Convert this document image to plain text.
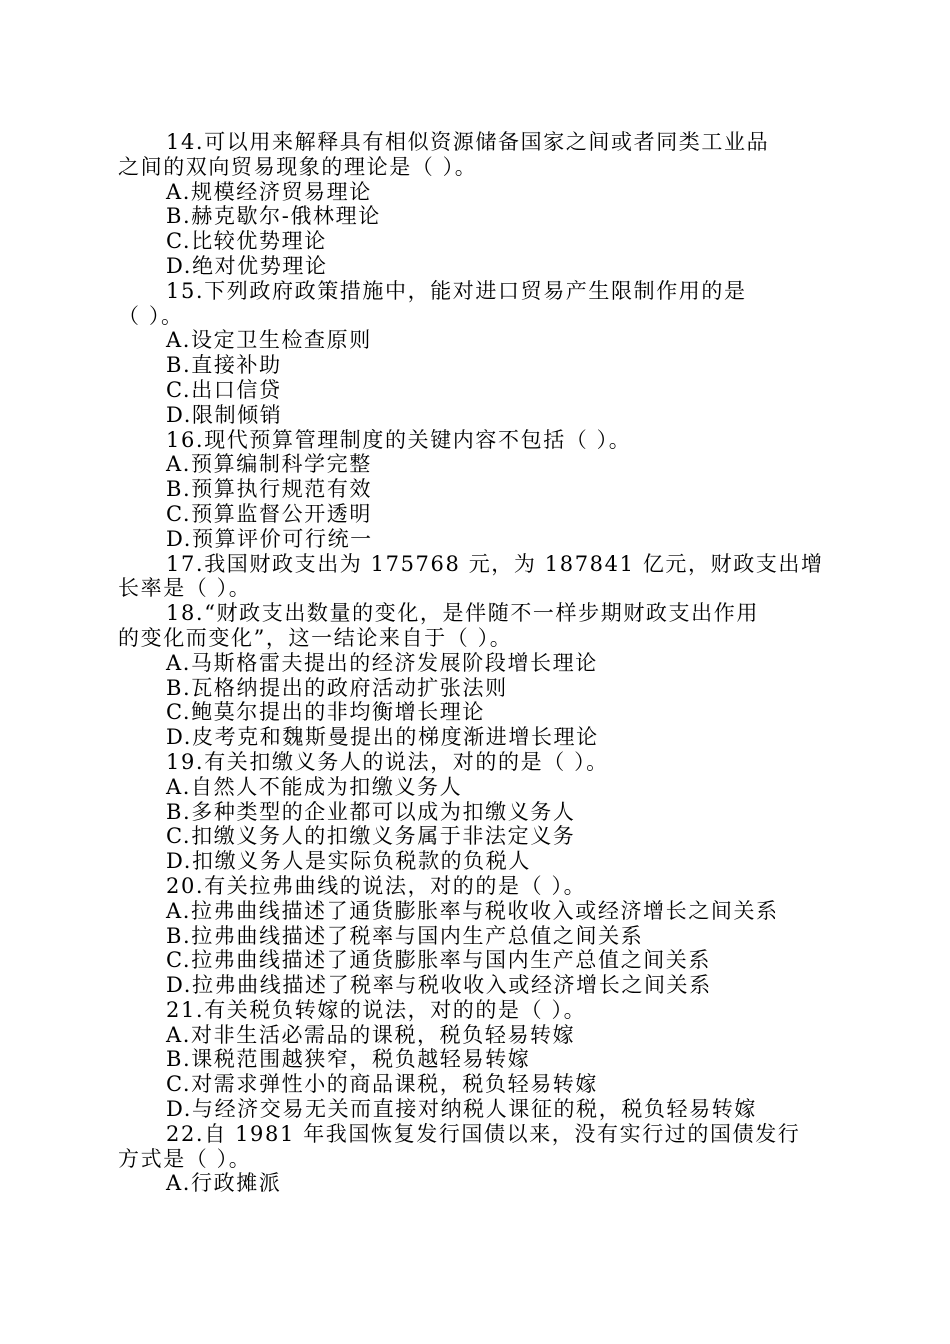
14.可以用来解释具有相似资源储备国家之间或者同类工业品
之间的双向贸易现象的理论是（ ）。
A.规模经济贸易理论
B.赫克歇尔-俄林理论
C.比较优势理论
D.绝对优势理论
15.下列政府政策措施中，能对进口贸易产生限制作用的是
（ ）。
A.设定卫生检查原则
B.直接补助
C.出口信贷
D.限制倾销
16.现代预算管理制度的关键内容不包括（ ）。
A.预算编制科学完整
B.预算执行规范有效
C.预算监督公开透明
D.预算评价可行统一
17.我国财政支出为 175768 元，为 187841 亿元，财政支出增
长率是（ ）。
18.“财政支出数量的变化，是伴随不一样步期财政支出作用
的变化而变化”，这一结论来自于（ ）。
A.马斯格雷夫提出的经济发展阶段增长理论
B.瓦格纳提出的政府活动扩张法则
C.鲍莫尔提出的非均衡增长理论
D.皮考克和魏斯曼提出的梯度渐进增长理论
19.有关扣缴义务人的说法，对的的是（ ）。
A.自然人不能成为扣缴义务人
B.多种类型的企业都可以成为扣缴义务人
C.扣缴义务人的扣缴义务属于非法定义务
D.扣缴义务人是实际负税款的负税人
20.有关拉弗曲线的说法，对的的是（ ）。
A.拉弗曲线描述了通货膨胀率与税收收入或经济增长之间关系
B.拉弗曲线描述了税率与国内生产总值之间关系
C.拉弗曲线描述了通货膨胀率与国内生产总值之间关系
D.拉弗曲线描述了税率与税收收入或经济增长之间关系
21.有关税负转嫁的说法，对的的是（ ）。
A.对非生活必需品的课税，税负轻易转嫁
B.课税范围越狭窄，税负越轻易转嫁
C.对需求弹性小的商品课税，税负轻易转嫁
D.与经济交易无关而直接对纳税人课征的税，税负轻易转嫁
22.自 1981 年我国恢复发行国债以来，没有实行过的国债发行
方式是（ ）。
A.行政摊派
